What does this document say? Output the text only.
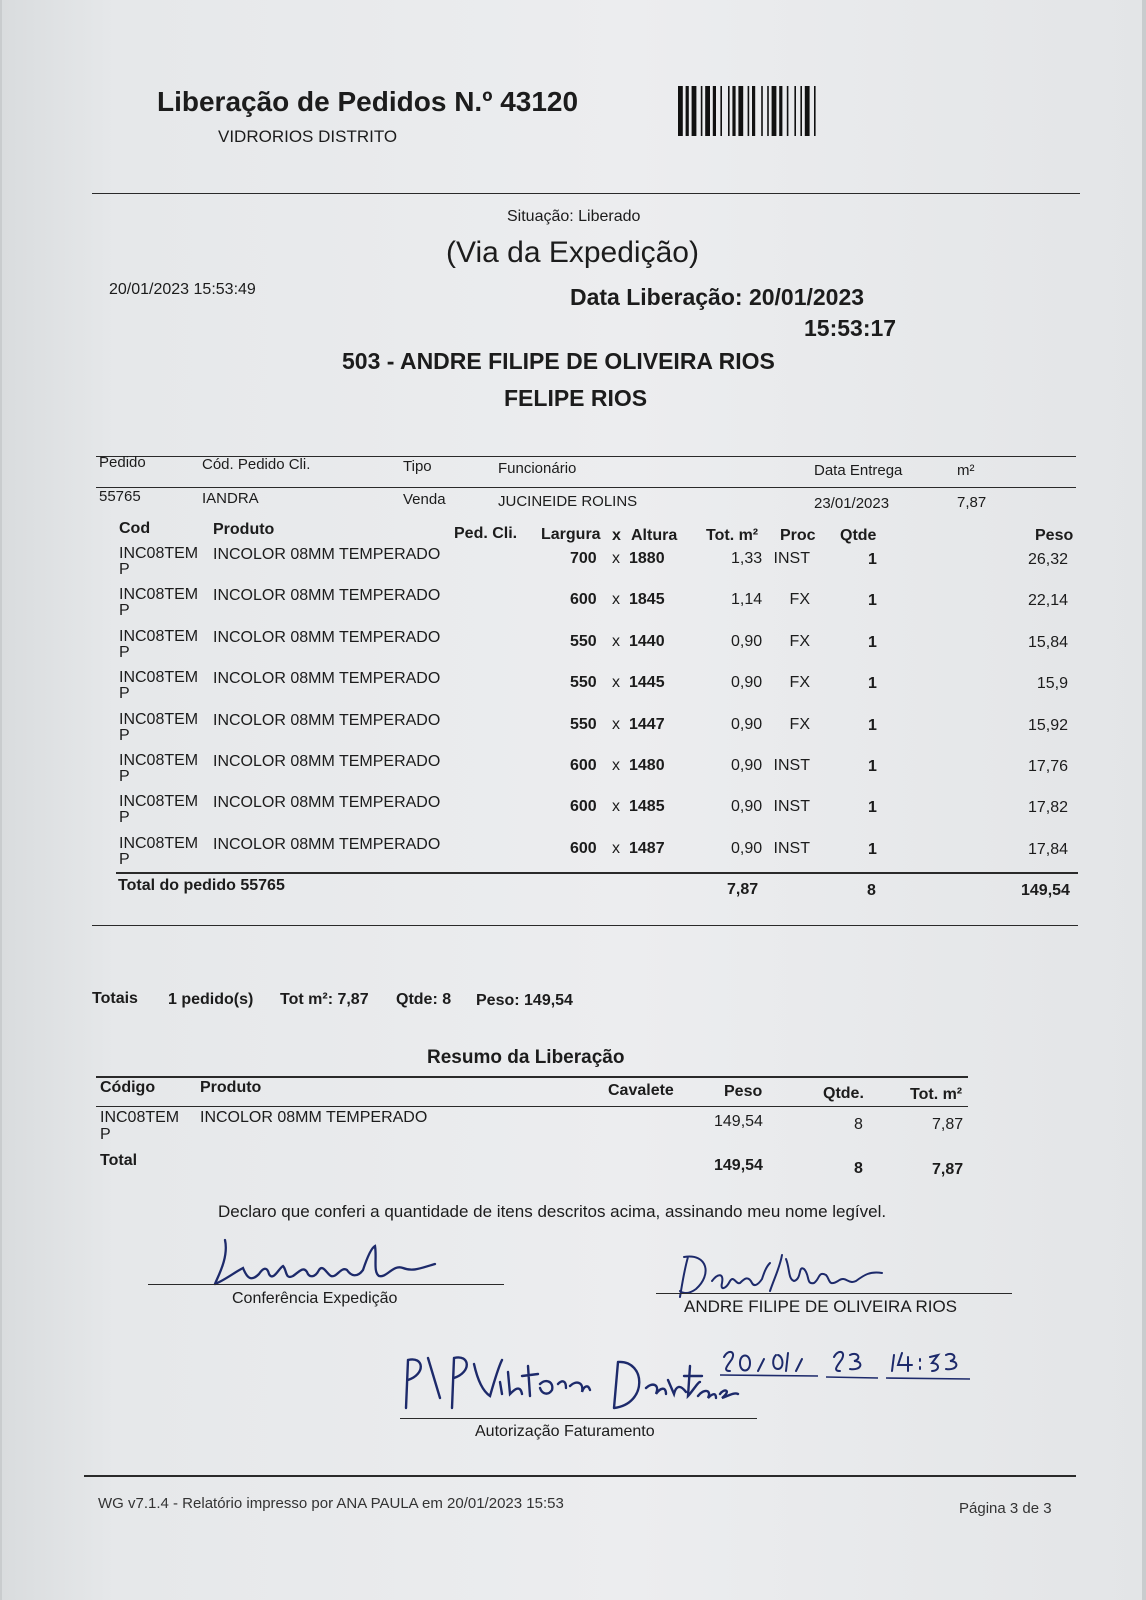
Liberação de Pedidos N.º 43120
VIDRORIOS DISTRITO
Situação: Liberado
(Via da Expedição)
20/01/2023 15:53:49	Data Liberação: 20/01/2023
15:53:17
503 - ANDRE FILIPE DE OLIVEIRA RIOS
FELIPE RIOS
Pedido	Cód. Pedido Cli.	Tipo	Funcionário	Data Entrega	m²
55765	IANDRA	Venda	JUCINEIDE ROLINS	23/01/2023	7,87
Cod	Produto	Ped. Cli. Largura x Altura Tot. m² Proc Qtde	Peso
INC08TEM
P
INCOLOR 08MM TEMPERADO	700 x 1880	1,33 INST	1	26,32
INC08TEM
P
INCOLOR 08MM TEMPERADO	600 x 1845	1,14 FX	1	22,14
INC08TEM
P
INCOLOR 08MM TEMPERADO	550 x 1440	0,90 FX	1	15,84
INC08TEM
P
INCOLOR 08MM TEMPERADO	550 x 1445	0,90 FX	1	15,9
INC08TEM
P
INCOLOR 08MM TEMPERADO	550 x 1447	0,90 FX	1	15,92
INC08TEM
P
INCOLOR 08MM TEMPERADO	600 x 1480	0,90 INST	1	17,76
INC08TEM
P
INCOLOR 08MM TEMPERADO	600 x 1485	0,90 INST	1	17,82
INC08TEM
P
INCOLOR 08MM TEMPERADO	600 x 1487	0,90 INST	1	17,84
Total do pedido 55765	7,87	8	149,54
Totais 1 pedido(s) Tot m²: 7,87 Qtde: 8 Peso: 149,54
Resumo da Liberação
Código	Produto	Cavalete	Peso	Qtde.	Tot. m²
INC08TEM
P
INCOLOR 08MM TEMPERADO	149,54	8	7,87
Total	149,54	8	7,87
Declaro que conferi a quantidade de itens descritos acima, assinando meu nome legível.
Conferência Expedição	ANDRE FILIPE DE OLIVEIRA RIOS
Autorização Faturamento
WG v7.1.4 - Relatório impresso por ANA PAULA em 20/01/2023 15:53	Página 3 de 3
